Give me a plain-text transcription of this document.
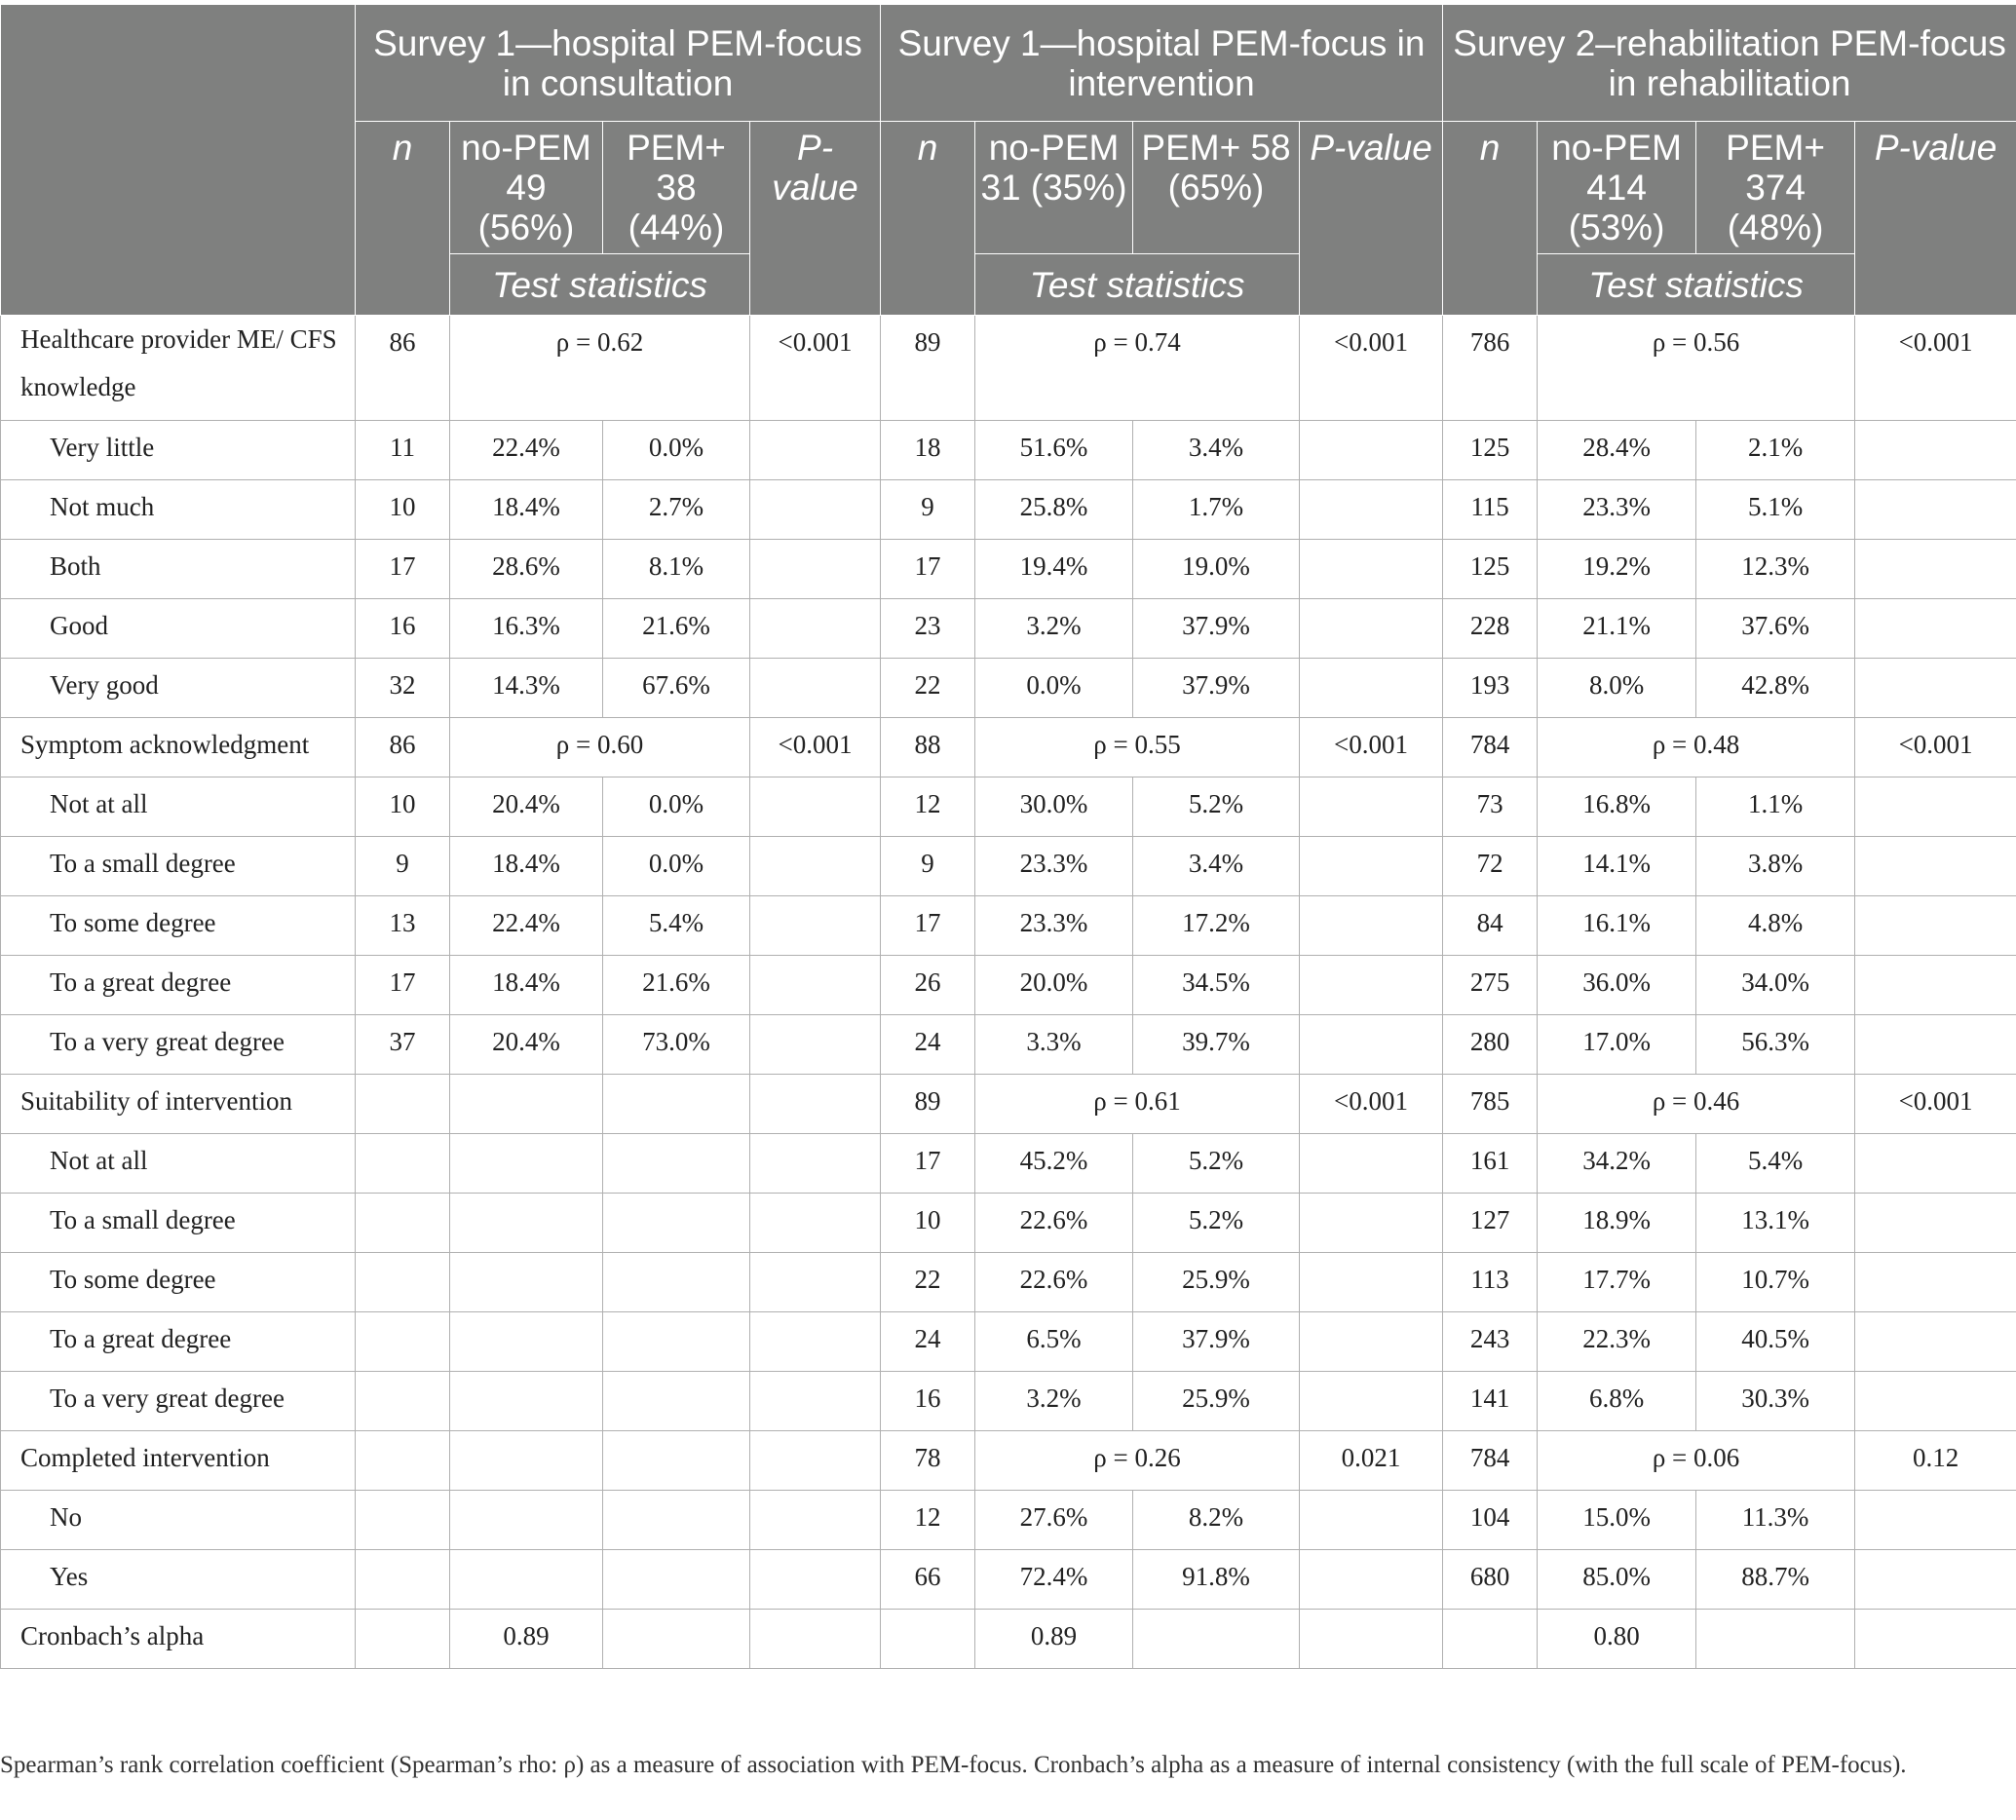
	Survey 1—hospital PEM-focus in consultation				Survey 1—hospital PEM-focus in intervention				Survey 2–rehabilitation PEM-focus in rehabilitation			
	n	no-PEM 49 (56%)	PEM+ 38 (44%)	P-value	n	no-PEM 31 (35%)	PEM+ 58 (65%)	P-value	n	no-PEM 414 (53%)	PEM+ 374 (48%)	P-value
		Test statistics				Test statistics				Test statistics		
Healthcare provider ME/ CFS knowledge	86	ρ = 0.62		<0.001	89	ρ = 0.74		<0.001	786	ρ = 0.56		<0.001
Very little	11	22.4%	0.0%		18	51.6%	3.4%		125	28.4%	2.1%	
Not much	10	18.4%	2.7%		9	25.8%	1.7%		115	23.3%	5.1%	
Both	17	28.6%	8.1%		17	19.4%	19.0%		125	19.2%	12.3%	
Good	16	16.3%	21.6%		23	3.2%	37.9%		228	21.1%	37.6%	
Very good	32	14.3%	67.6%		22	0.0%	37.9%		193	8.0%	42.8%	
Symptom acknowledgment	86	ρ = 0.60		<0.001	88	ρ = 0.55		<0.001	784	ρ = 0.48		<0.001
Not at all	10	20.4%	0.0%		12	30.0%	5.2%		73	16.8%	1.1%	
To a small degree	9	18.4%	0.0%		9	23.3%	3.4%		72	14.1%	3.8%	
To some degree	13	22.4%	5.4%		17	23.3%	17.2%		84	16.1%	4.8%	
To a great degree	17	18.4%	21.6%		26	20.0%	34.5%		275	36.0%	34.0%	
To a very great degree	37	20.4%	73.0%		24	3.3%	39.7%		280	17.0%	56.3%	
Suitability of intervention					89	ρ = 0.61		<0.001	785	ρ = 0.46		<0.001
Not at all					17	45.2%	5.2%		161	34.2%	5.4%	
To a small degree					10	22.6%	5.2%		127	18.9%	13.1%	
To some degree					22	22.6%	25.9%		113	17.7%	10.7%	
To a great degree					24	6.5%	37.9%		243	22.3%	40.5%	
To a very great degree					16	3.2%	25.9%		141	6.8%	30.3%	
Completed intervention					78	ρ = 0.26		0.021	784	ρ = 0.06		0.12
No					12	27.6%	8.2%		104	15.0%	11.3%	
Yes					66	72.4%	91.8%		680	85.0%	88.7%	
Cronbach’s alpha		0.89				0.89				0.80		
Spearman’s rank correlation coefficient (Spearman’s rho: ρ) as a measure of association with PEM-focus. Cronbach’s alpha as a measure of internal consistency (with the full scale of PEM-focus).
